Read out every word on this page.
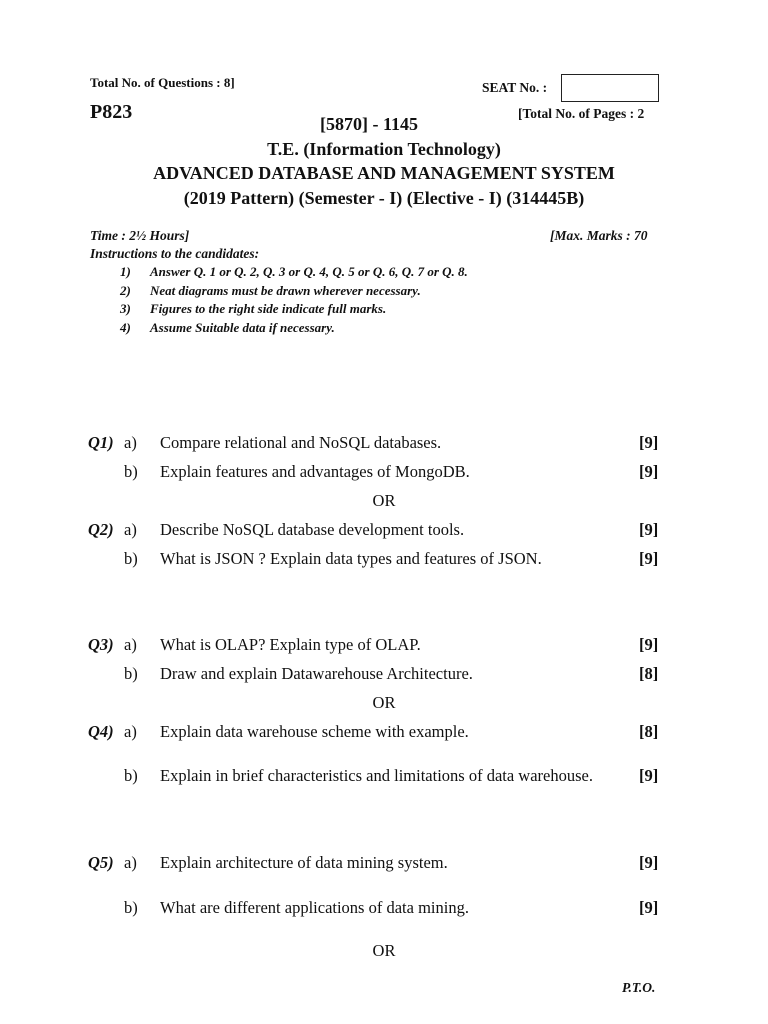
Total No. of Questions : 8]	SEAT No. :
P823	[Total No. of Pages : 2
[5870] - 1145
T.E. (Information Technology)
ADVANCED DATABASE AND MANAGEMENT SYSTEM
(2019 Pattern) (Semester - I) (Elective - I) (314445B)
Time : 2½ Hours]	[Max. Marks : 70
Instructions to the candidates:
1) Answer Q. 1 or Q. 2, Q. 3 or Q. 4, Q. 5 or Q. 6, Q. 7 or Q. 8.
2) Neat diagrams must be drawn wherever necessary.
3) Figures to the right side indicate full marks.
4) Assume Suitable data if necessary.
Q1) a) Compare relational and NoSQL databases.	[9]
b) Explain features and advantages of MongoDB.	[9]
OR
Q2) a) Describe NoSQL database development tools.	[9]
b) What is JSON ? Explain data types and features of JSON.	[9]
Q3) a) What is OLAP? Explain type of OLAP.	[9]
b) Draw and explain Datawarehouse Architecture.	[8]
OR
Q4) a) Explain data warehouse scheme with example.	[8]
b) Explain in brief characteristics and limitations of data warehouse.	[9]
Q5) a) Explain architecture of data mining system.	[9]
b) What are different applications of data mining.	[9]
OR
P.T.O.
